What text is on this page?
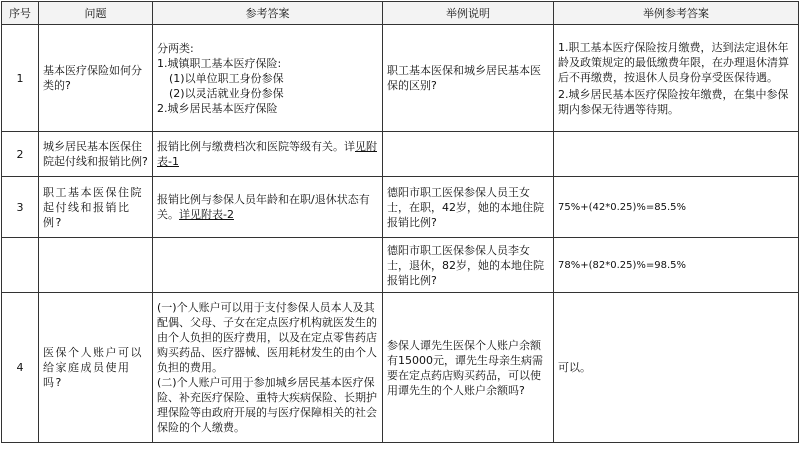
序号	问题	参考答案	举例说明	举例参考答案
1	基本医疗保险如何分类的?	分两类:
1.城镇职工基本医疗保险:
(1)以单位职工身份参保
(2)以灵活就业身份参保
2.城乡居民基本医疗保险	职工基本医保和城乡居民基本医保的区别?	1.职工基本医疗保险按月缴费，达到法定退休年龄及政策规定的最低缴费年限，在办理退休清算后不再缴费，按退休人员身份享受医保待遇。
2.城乡居民基本医疗保险按年缴费，在集中参保期内参保无待遇等待期。

2	城乡居民基本医保住院起付线和报销比例?	报销比例与缴费档次和医院等级有关。详见附表-1		
3	职工基本医保住院起付线和报销比例?	报销比例与参保人员年龄和在职/退休状态有关。详见附表-2	德阳市职工医保参保人员王女士，在职，42岁，她的本地住院报销比例?	75%+(42*0.25)%=85.5%
			德阳市职工医保参保人员李女士，退休，82岁，她的本地住院报销比例?	78%+(82*0.25)%=98.5%
4	医保个人账户可以给家庭成员使用吗?	(一)个人账户可以用于支付参保人员本人及其配偶、父母、子女在定点医疗机构就医发生的由个人负担的医疗费用，以及在定点零售药店购买药品、医疗器械、医用耗材发生的由个人负担的费用。
(二)个人账户可用于参加城乡居民基本医疗保险、补充医疗保险、重特大疾病保险、长期护理保险等由政府开展的与医疗保障相关的社会保险的个人缴费。	参保人谭先生医保个人账户余额有15000元，谭先生母亲生病需要在定点药店购买药品，可以使用谭先生的个人账户余额吗?	可以。
